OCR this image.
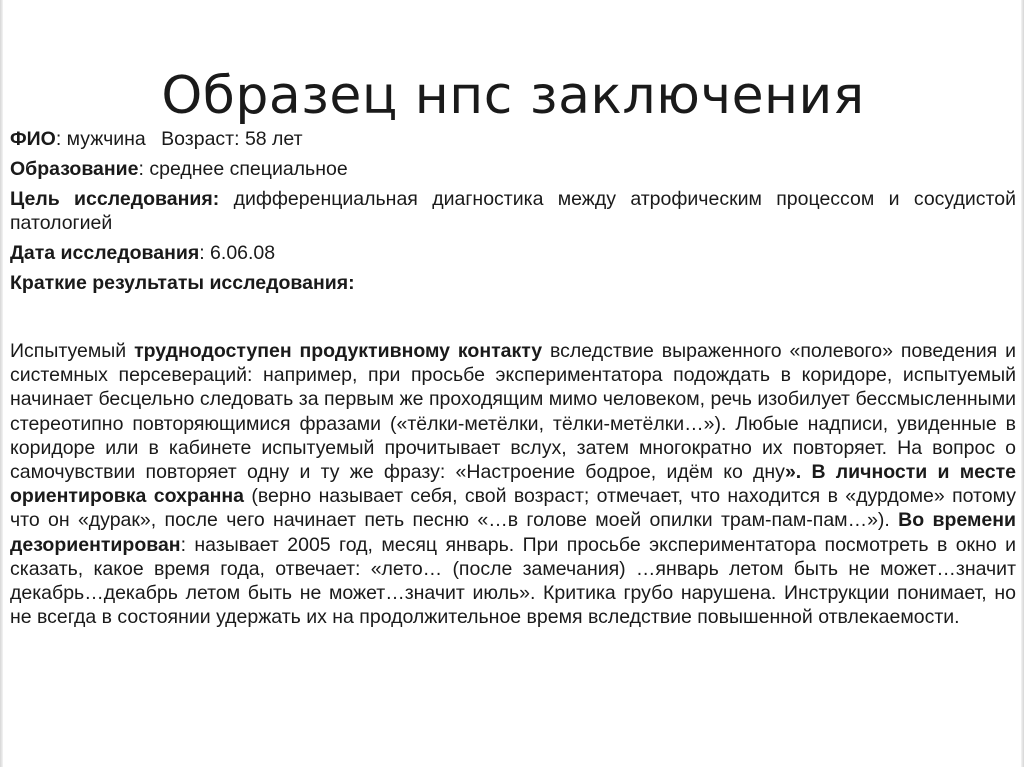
Образец нпс заключения

ФИО: мужчина Возраст: 58 лет

Образование: среднее специальное

Цель исследования: дифференциальная диагностика между атрофическим процессом и сосудистой патологией

Дата исследования: 6.06.08

Краткие результаты исследования:

Испытуемый труднодоступен продуктивному контакту вследствие выраженного «полевого» поведения и системных персевераций: например, при просьбе экспериментатора подождать в коридоре, испытуемый начинает бесцельно следовать за первым же проходящим мимо человеком, речь изобилует бессмысленными стереотипно повторяющимися фразами («тёлки-метёлки, тёлки-метёлки…»). Любые надписи, увиденные в коридоре или в кабинете испытуемый прочитывает вслух, затем многократно их повторяет. На вопрос о самочувствии повторяет одну и ту же фразу: «Настроение бодрое, идём ко дну». В личности и месте ориентировка сохранна (верно называет себя, свой возраст; отмечает, что находится в «дурдоме» потому что он «дурак», после чего начинает петь песню «…в голове моей опилки трам-пам-пам…»). Во времени дезориентирован: называет 2005 год, месяц январь. При просьбе экспериментатора посмотреть в окно и сказать, какое время года, отвечает: «лето… (после замечания) …январь летом быть не может…значит декабрь…декабрь летом быть не может…значит июль». Критика грубо нарушена. Инструкции понимает, но не всегда в состоянии удержать их на продолжительное время вследствие повышенной отвлекаемости.
